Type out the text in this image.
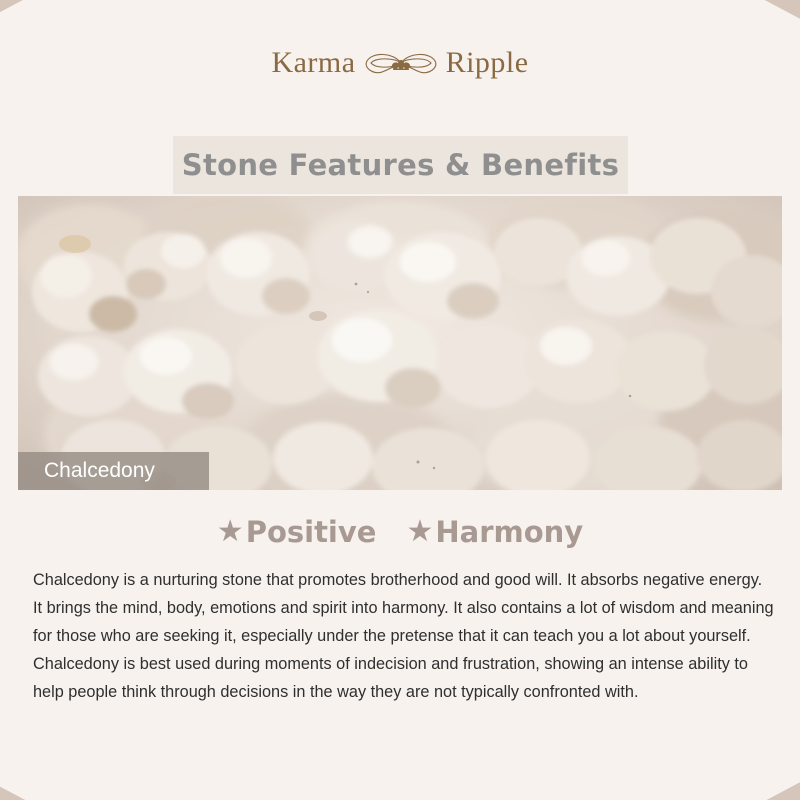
Karma	Ripple
Stone Features & Benefits
Chalcedony
★ Positive ★ Harmony

Chalcedony is a nurturing stone that promotes brotherhood and good will. It absorbs negative energy. It brings the mind, body, emotions and spirit into harmony. It also contains a lot of wisdom and meaning for those who are seeking it, especially under the pretense that it can teach you a lot about yourself. Chalcedony is best used during moments of indecision and frustration, showing an intense ability to help people think through decisions in the way they are not typically confronted with.
